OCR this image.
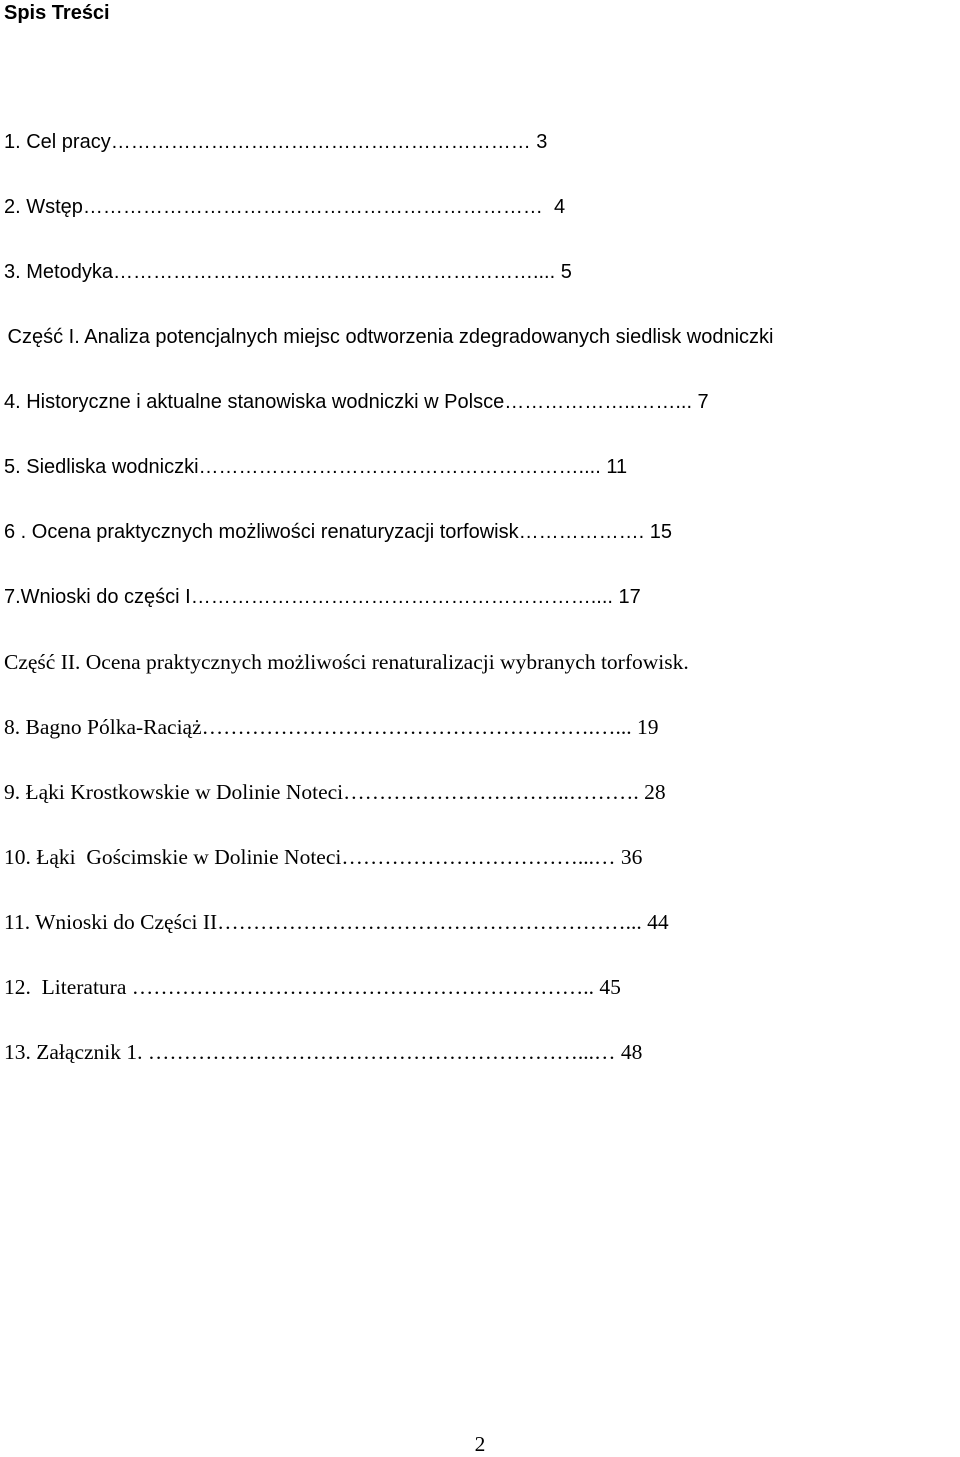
Spis Treści

1. Cel pracy……………………………………………………… 3

2. Wstęp……………………………………………………………  4

3. Metodyka……………………………………………………….... 5

Część I. Analiza potencjalnych miejsc odtworzenia zdegradowanych siedlisk wodniczki

4. Historyczne i aktualne stanowiska wodniczki w Polsce………………..……... 7

5. Siedliska wodniczki………………………………………………….... 11

6 . Ocena praktycznych możliwości renaturyzacji torfowisk………………. 15

7.Wnioski do części I…………………………………………………….... 17

Część II. Ocena praktycznych możliwości renaturalizacji wybranych torfowisk.

8. Bagno Pólka-Raciąż……………………………………………….…... 19

9. Łąki Krostkowskie w Dolinie Noteci…………………………..………. 28

10. Łąki  Gościmskie w Dolinie Noteci……………………………...… 36

11. Wnioski do Części II…………………………………………………... 44

12.  Literatura ……………………………………………………….. 45

13. Załącznik 1. ……………………………………………………...… 48

2
